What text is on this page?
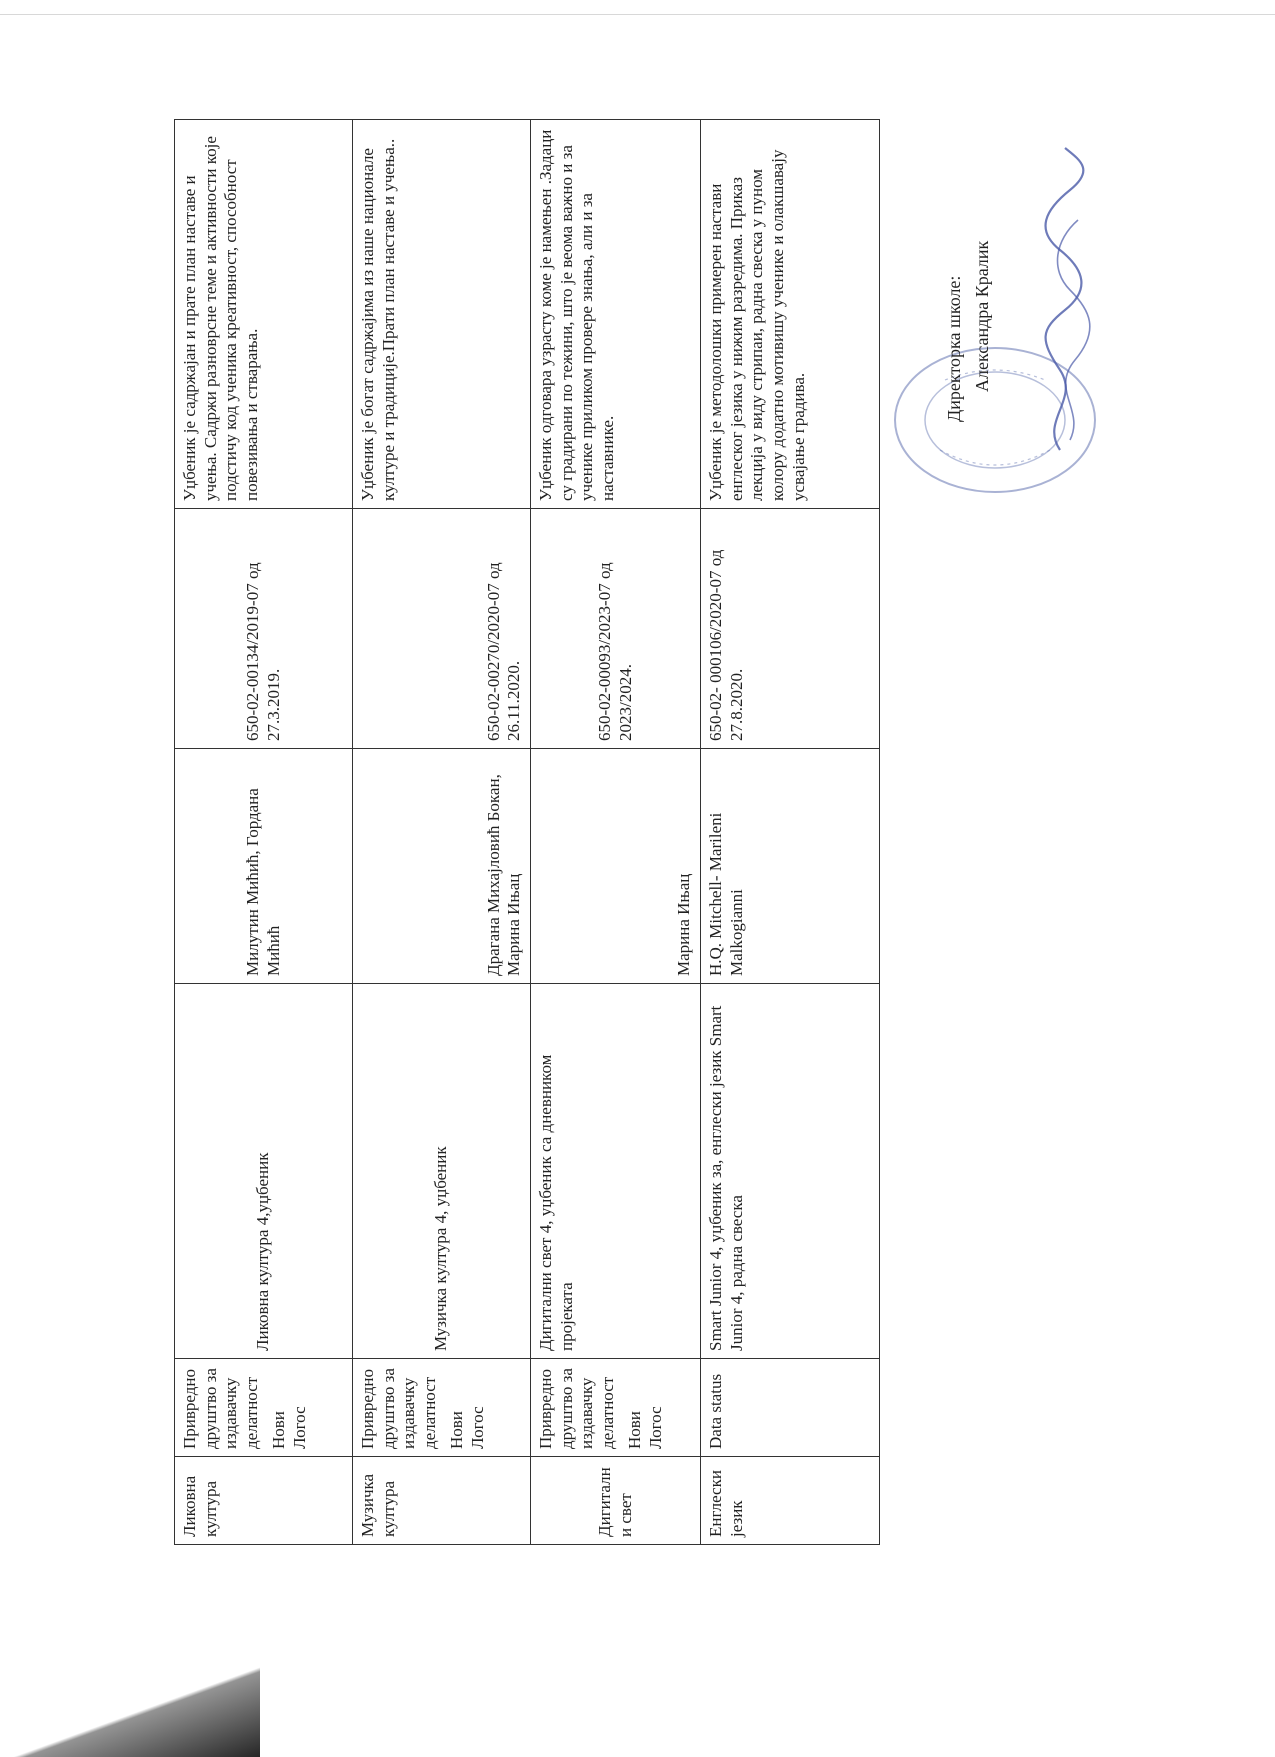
Ликовна култура	Привредно друштво за издавачку делатност Нови Логос	Ликовна култура 4,уџбеник	Милутин Мићић, Гордана Мићић	650-02-00134/2019-07 од 27.3.2019.	Уџбеник је садржајан и прате план наставе и учења. Садржи разноврсне теме и активности које подстичу код ученика креативност, способност повезивања и стварања.
Музичка култура	Привредно друштво за издавачку делатност Нови Логос	Музичка култура 4, уџбеник	Драгана Михајловић Бокан, Марина Ињац	650-02-00270/2020-07 од 26.11.2020.	Уџбеник је богат садржајима из наше национале културе и традиције.Прати план наставе и учења..
Дигитални свет	Привредно друштво за издавачку делатност Нови Логос	Дигитални свет 4, уџбеник са дневником пројеката	Марина Ињац	650-02-00093/2023-07 од 2023/2024.	Уџбеник одговара узрасту коме је намењен .Задаци су градирани по тежини, што је веома важно и за ученике приликом провере знања, али и за наставнике.
Енглески језик	Data status	Smart Junior 4, уџбеник за, енглески језик Smart Junior 4, радна свеска	H.Q. Mitchell- Marileni Malkogianni	650-02- 000106/2020-07 од 27.8.2020.	Уџбеник је методолошки примерен настави енглеског језика у нижим разредима. Приказ лекција у виду стрипаи, радна свеска у пуном колору додатно мотивишу ученике и олакшавају усвајање градива.
Директорка школе: Александра Кралик
